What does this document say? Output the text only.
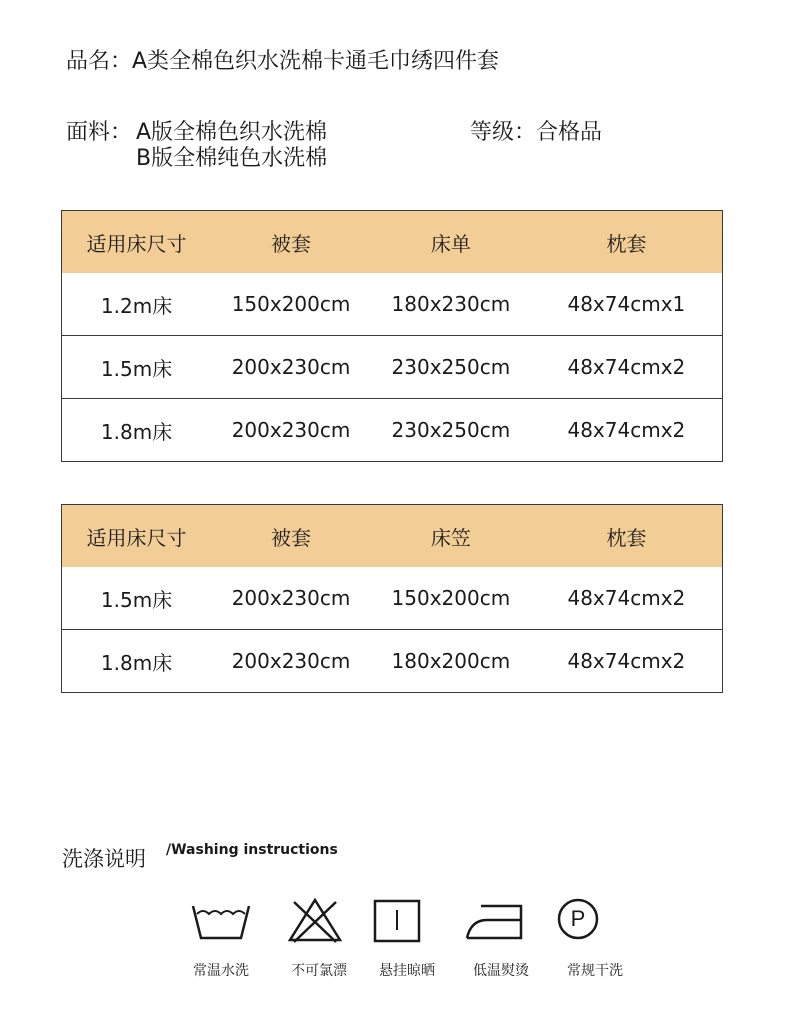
品名：A类全棉色织水洗棉卡通毛巾绣四件套
面料： A版全棉色织水洗棉
B版全棉纯色水洗棉
等级：合格品
适用床尺寸	被套	床单	枕套
1.2m床	150x200cm	180x230cm	48x74cmx1
1.5m床	200x230cm	230x250cm	48x74cmx2
1.8m床	200x230cm	230x250cm	48x74cmx2
适用床尺寸	被套	床笠	枕套
1.5m床	200x230cm	150x200cm	48x74cmx2
1.8m床	200x230cm	180x200cm	48x74cmx2
洗涤说明 /Washing instructions
P
常温水洗	不可氯漂	悬挂晾晒	低温熨烫	常规干洗
